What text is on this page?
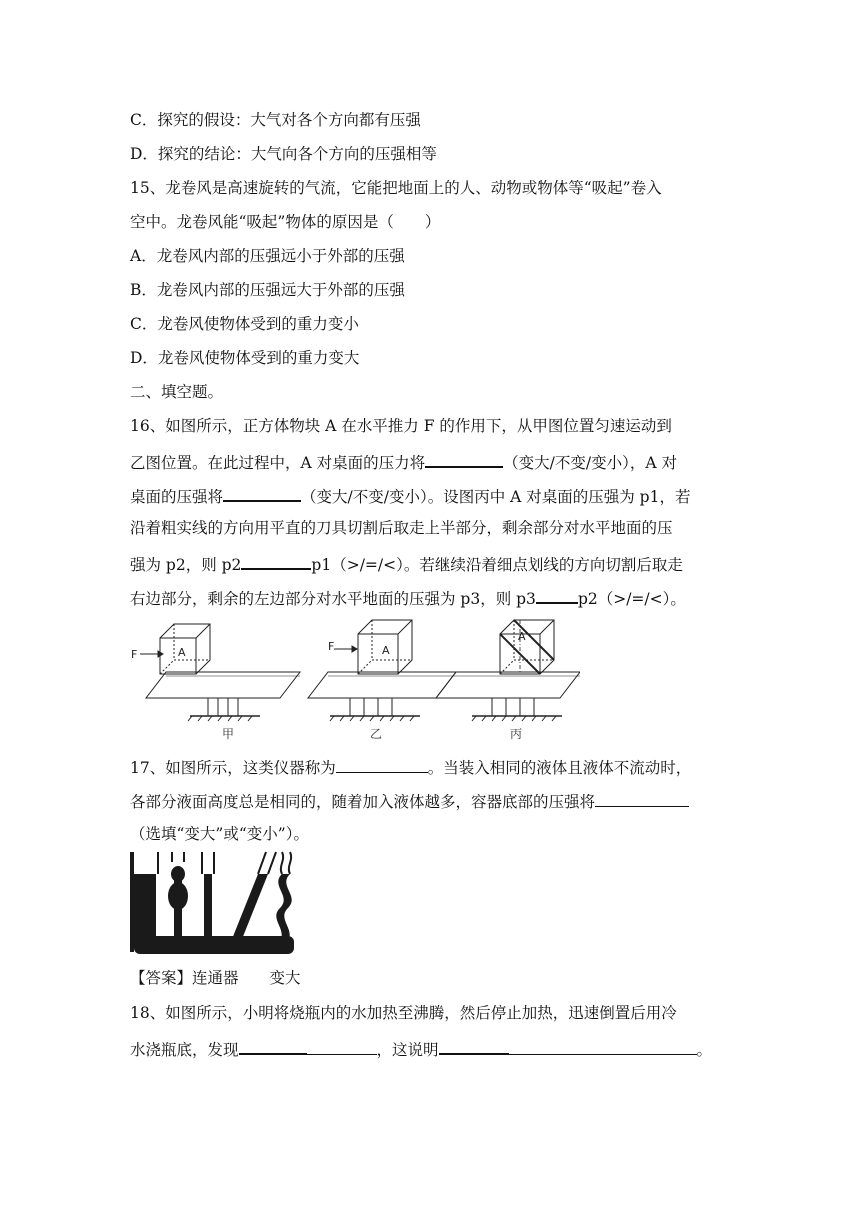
C．探究的假设：大气对各个方向都有压强
D．探究的结论：大气向各个方向的压强相等
15、龙卷风是高速旋转的气流，它能把地面上的人、动物或物体等“吸起”卷入
空中。龙卷风能“吸起”物体的原因是（　　）
A．龙卷风内部的压强远小于外部的压强
B．龙卷风内部的压强远大于外部的压强
C．龙卷风使物体受到的重力变小
D．龙卷风使物体受到的重力变大
二、填空题。
16、如图所示，正方体物块 A 在水平推力 F 的作用下，从甲图位置匀速运动到
乙图位置。在此过程中，A 对桌面的压力将	（变大/不变/变小），A 对
桌面的压强将	（变大/不变/变小）。设图丙中 A 对桌面的压强为 p1，若
沿着粗实线的方向用平直的刀具切割后取走上半部分，剩余部分对水平地面的压
强为 p2，则 p2	p1（>/=/<）。若继续沿着细点划线的方向切割后取走
右边部分，剩余的左边部分对水平地面的压强为 p3，则 p3	p2（>/=/<）。
A	A
A
F
F
甲	乙	丙
17、如图所示，这类仪器称为	。当装入相同的液体且液体不流动时，
各部分液面高度总是相同的，随着加入液体越多，容器底部的压强将
（选填“变大”或“变小”）。
【答案】连通器　　变大
18、如图所示，小明将烧瓶内的水加热至沸腾，然后停止加热，迅速倒置后用冷
水浇瓶底，发现	，这说明	。
